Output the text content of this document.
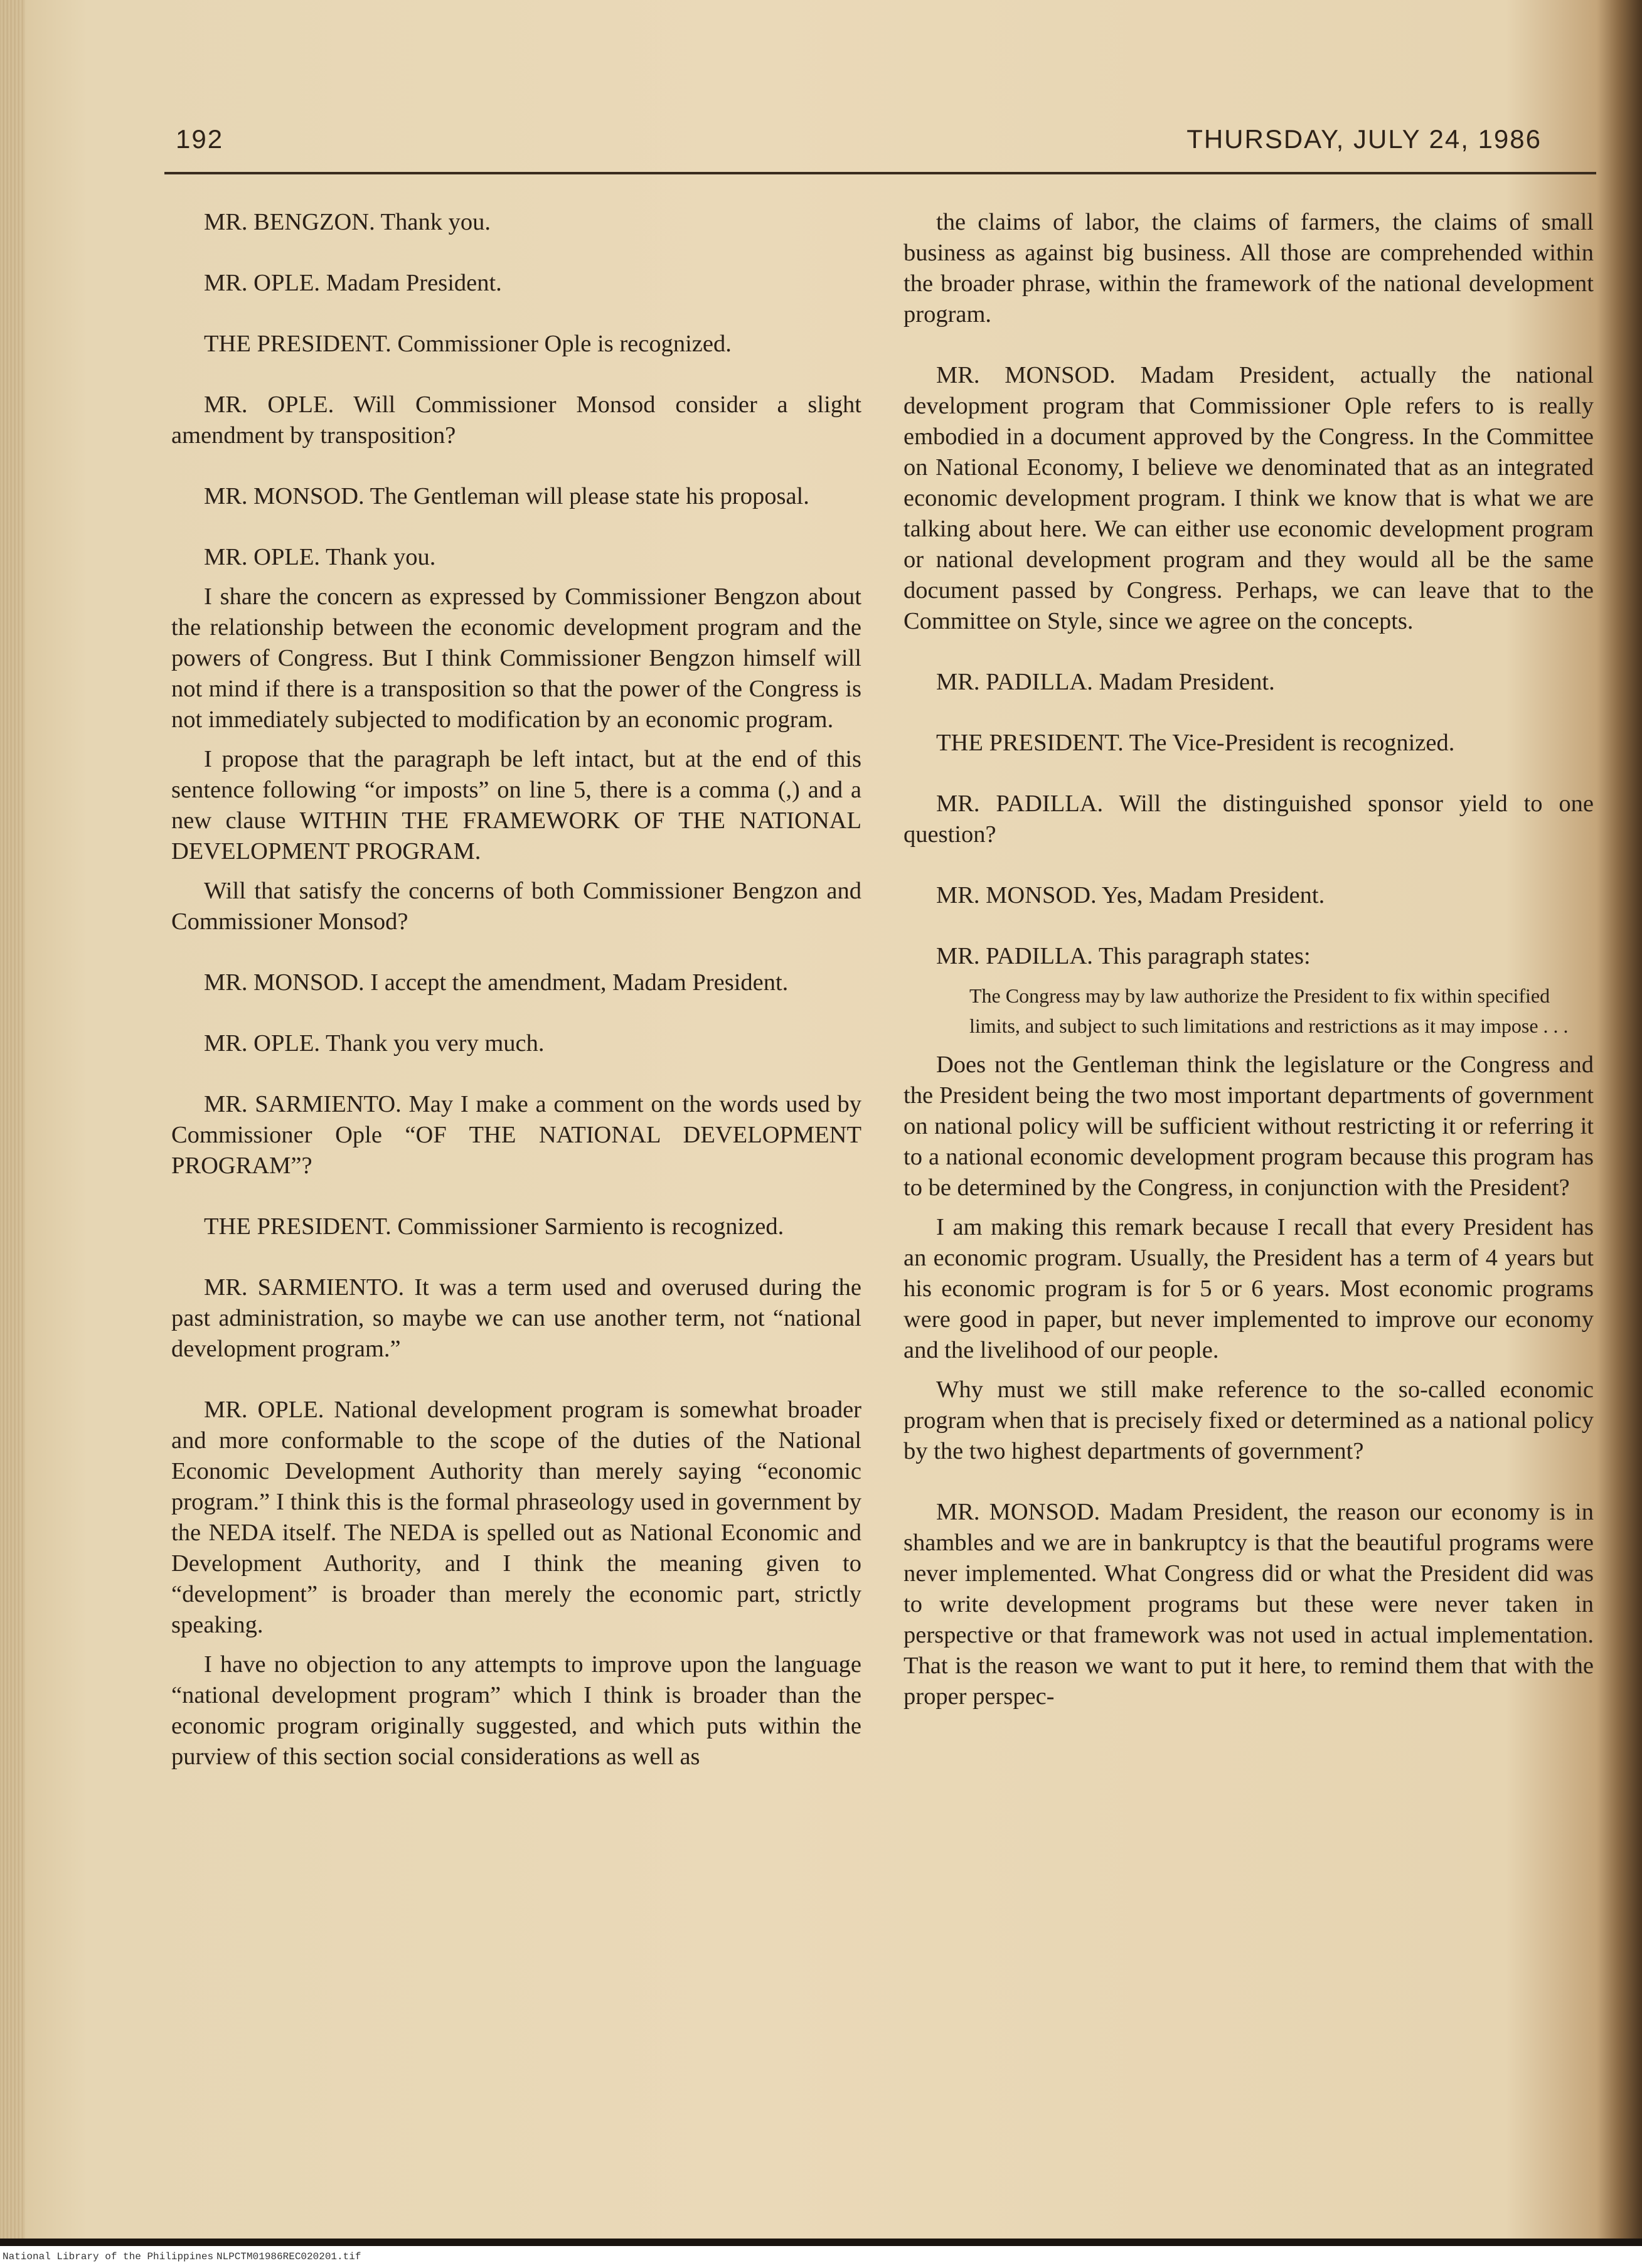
192	THURSDAY, JULY 24, 1986

MR. BENGZON. Thank you.

MR. OPLE. Madam President.

THE PRESIDENT. Commissioner Ople is recognized.

MR. OPLE. Will Commissioner Monsod consider a slight amendment by transposition?

MR. MONSOD. The Gentleman will please state his proposal.

MR. OPLE. Thank you.

I share the concern as expressed by Commissioner Bengzon about the relationship between the economic development program and the powers of Congress. But I think Commissioner Bengzon himself will not mind if there is a transposition so that the power of the Congress is not immediately subjected to modification by an economic program.

I propose that the paragraph be left intact, but at the end of this sentence following “or imposts” on line 5, there is a comma (,) and a new clause WITHIN THE FRAMEWORK OF THE NATIONAL DEVELOPMENT PROGRAM.

Will that satisfy the concerns of both Commissioner Bengzon and Commissioner Monsod?

MR. MONSOD. I accept the amendment, Madam President.

MR. OPLE. Thank you very much.

MR. SARMIENTO. May I make a comment on the words used by Commissioner Ople “OF THE NATIONAL DEVELOPMENT PROGRAM”?

THE PRESIDENT. Commissioner Sarmiento is recognized.

MR. SARMIENTO. It was a term used and overused during the past administration, so maybe we can use another term, not “national development program.”

MR. OPLE. National development program is somewhat broader and more conformable to the scope of the duties of the National Economic Development Authority than merely saying “economic program.” I think this is the formal phraseology used in government by the NEDA itself. The NEDA is spelled out as National Economic and Development Authority, and I think the meaning given to “development” is broader than merely the economic part, strictly speaking.

I have no objection to any attempts to improve upon the language “national development program” which I think is broader than the economic program originally suggested, and which puts within the purview of this section social considerations as well as

the claims of labor, the claims of farmers, the claims of small business as against big business. All those are comprehended within the broader phrase, within the framework of the national development program.

MR. MONSOD. Madam President, actually the national development program that Commissioner Ople refers to is really embodied in a document approved by the Congress. In the Committee on National Economy, I believe we denominated that as an integrated economic development program. I think we know that is what we are talking about here. We can either use economic development program or national development program and they would all be the same document passed by Congress. Perhaps, we can leave that to the Committee on Style, since we agree on the concepts.

MR. PADILLA. Madam President.

THE PRESIDENT. The Vice-President is recognized.

MR. PADILLA. Will the distinguished sponsor yield to one question?

MR. MONSOD. Yes, Madam President.

MR. PADILLA. This paragraph states:

The Congress may by law authorize the President to fix within specified limits, and subject to such limitations and restrictions as it may impose . . .

Does not the Gentleman think the legislature or the Congress and the President being the two most important departments of government on national policy will be sufficient without restricting it or referring it to a national economic development program because this program has to be determined by the Congress, in conjunction with the President?

I am making this remark because I recall that every President has an economic program. Usually, the President has a term of 4 years but his economic program is for 5 or 6 years. Most economic programs were good in paper, but never implemented to improve our economy and the livelihood of our people.

Why must we still make reference to the so-called economic program when that is precisely fixed or determined as a national policy by the two highest departments of government?

MR. MONSOD. Madam President, the reason our economy is in shambles and we are in bankruptcy is that the beautiful programs were never implemented. What Congress did or what the President did was to write development programs but these were never taken in perspective or that framework was not used in actual implementation. That is the reason we want to put it here, to remind them that with the proper perspec-

National Library of the Philippines NLPCTM01986REC020201.tif
